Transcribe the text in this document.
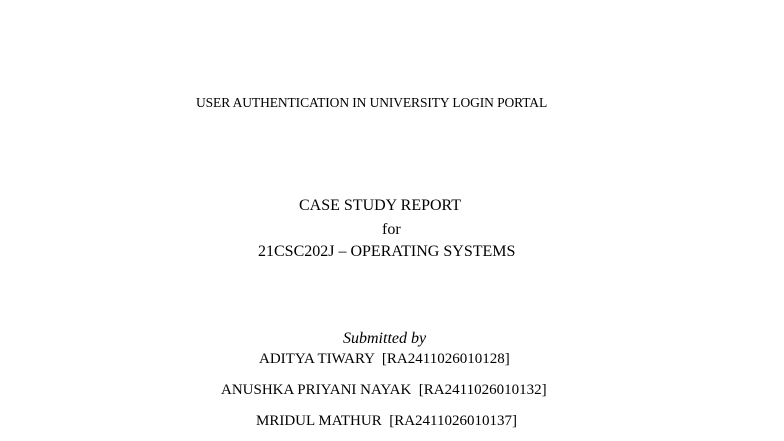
USER AUTHENTICATION IN UNIVERSITY LOGIN PORTAL
CASE STUDY REPORT
for
21CSC202J – OPERATING SYSTEMS
Submitted by
ADITYA TIWARY  [RA2411026010128]
ANUSHKA PRIYANI NAYAK  [RA2411026010132]
MRIDUL MATHUR  [RA2411026010137]
